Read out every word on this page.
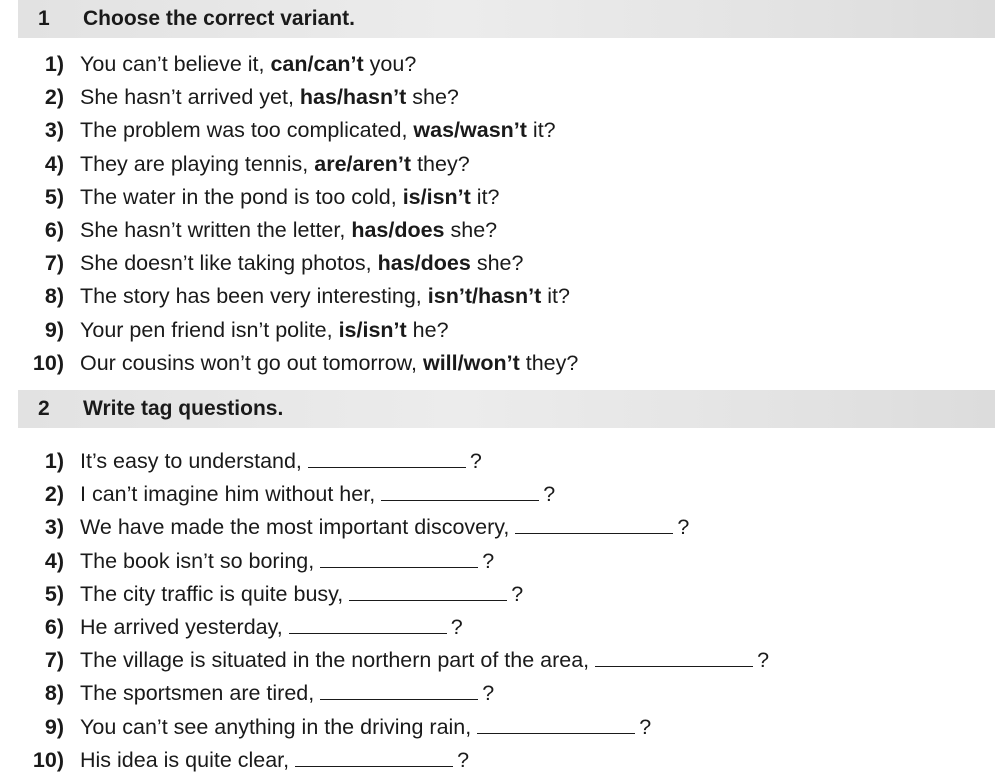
1 Choose the correct variant.
1) You can’t believe it, can/can’t you?
2) She hasn’t arrived yet, has/hasn’t she?
3) The problem was too complicated, was/wasn’t it?
4) They are playing tennis, are/aren’t they?
5) The water in the pond is too cold, is/isn’t it?
6) She hasn’t written the letter, has/does she?
7) She doesn’t like taking photos, has/does she?
8) The story has been very interesting, isn’t/hasn’t it?
9) Your pen friend isn’t polite, is/isn’t he?
10) Our cousins won’t go out tomorrow, will/won’t they?
2 Write tag questions.
1) It’s easy to understand,	?
2) I can’t imagine him without her,	?
3) We have made the most important discovery,	?
4) The book isn’t so boring,	?
5) The city traffic is quite busy,	?
6) He arrived yesterday,	?
7) The village is situated in the northern part of the area,	?
8) The sportsmen are tired,	?
9) You can’t see anything in the driving rain,	?
10) His idea is quite clear,	?
